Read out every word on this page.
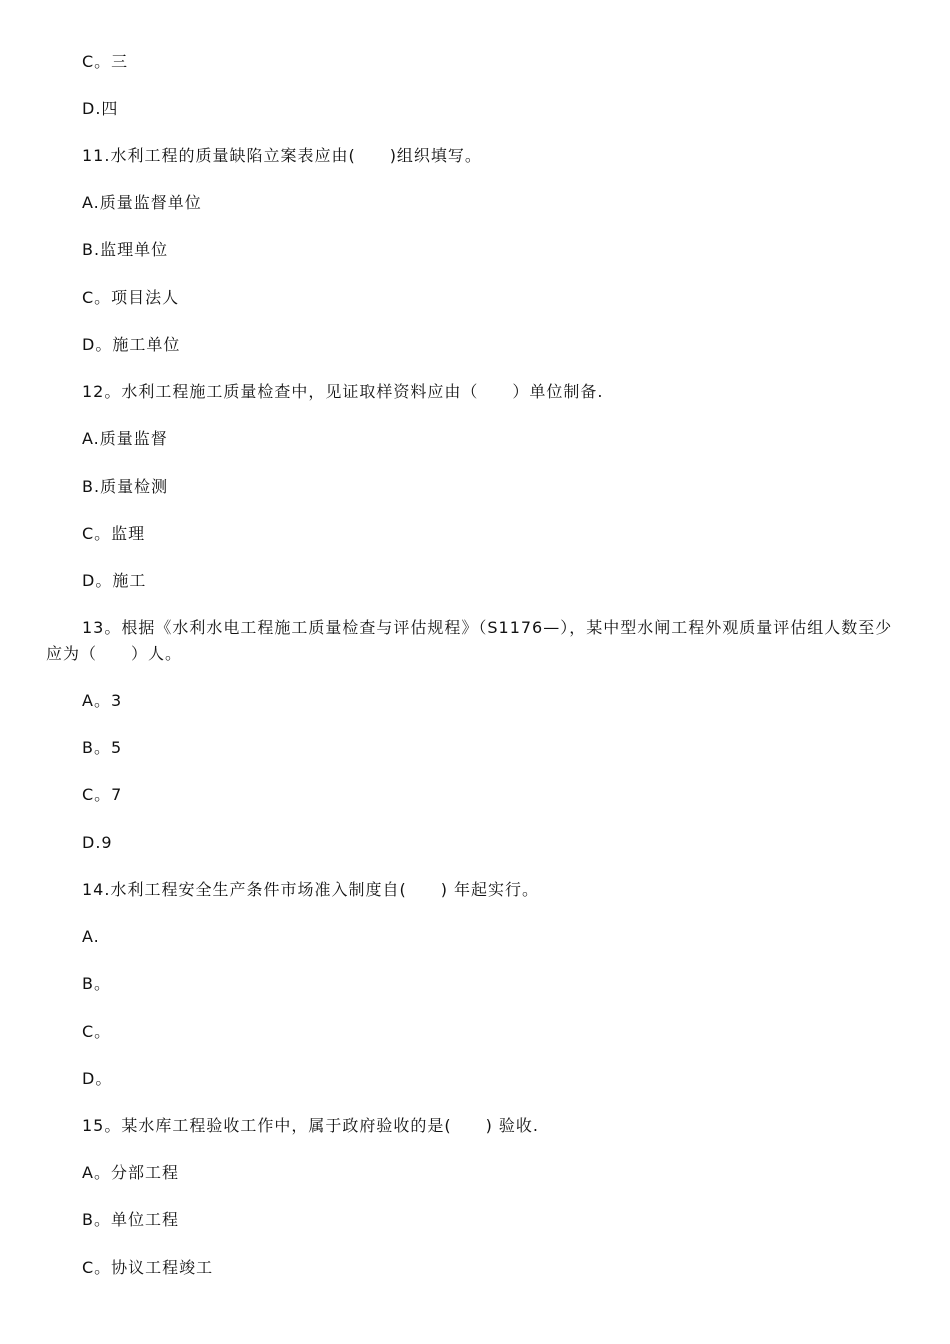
C。三
D.四
11.水利工程的质量缺陷立案表应由(　　)组织填写。
A.质量监督单位
B.监理单位
C。项目法人
D。施工单位
12。水利工程施工质量检查中，见证取样资料应由（　　）单位制备.
A.质量监督
B.质量检测
C。监理
D。施工
13。根据《水利水电工程施工质量检查与评估规程》（S1176—），某中型水闸工程外观质量评估组人数至少应为（　　）人。
A。3
B。5
C。7
D.9
14.水利工程安全生产条件市场准入制度自(　　) 年起实行。
A.
B。
C。
D。
15。某水库工程验收工作中，属于政府验收的是(　　) 验收.
A。分部工程
B。单位工程
C。协议工程竣工
